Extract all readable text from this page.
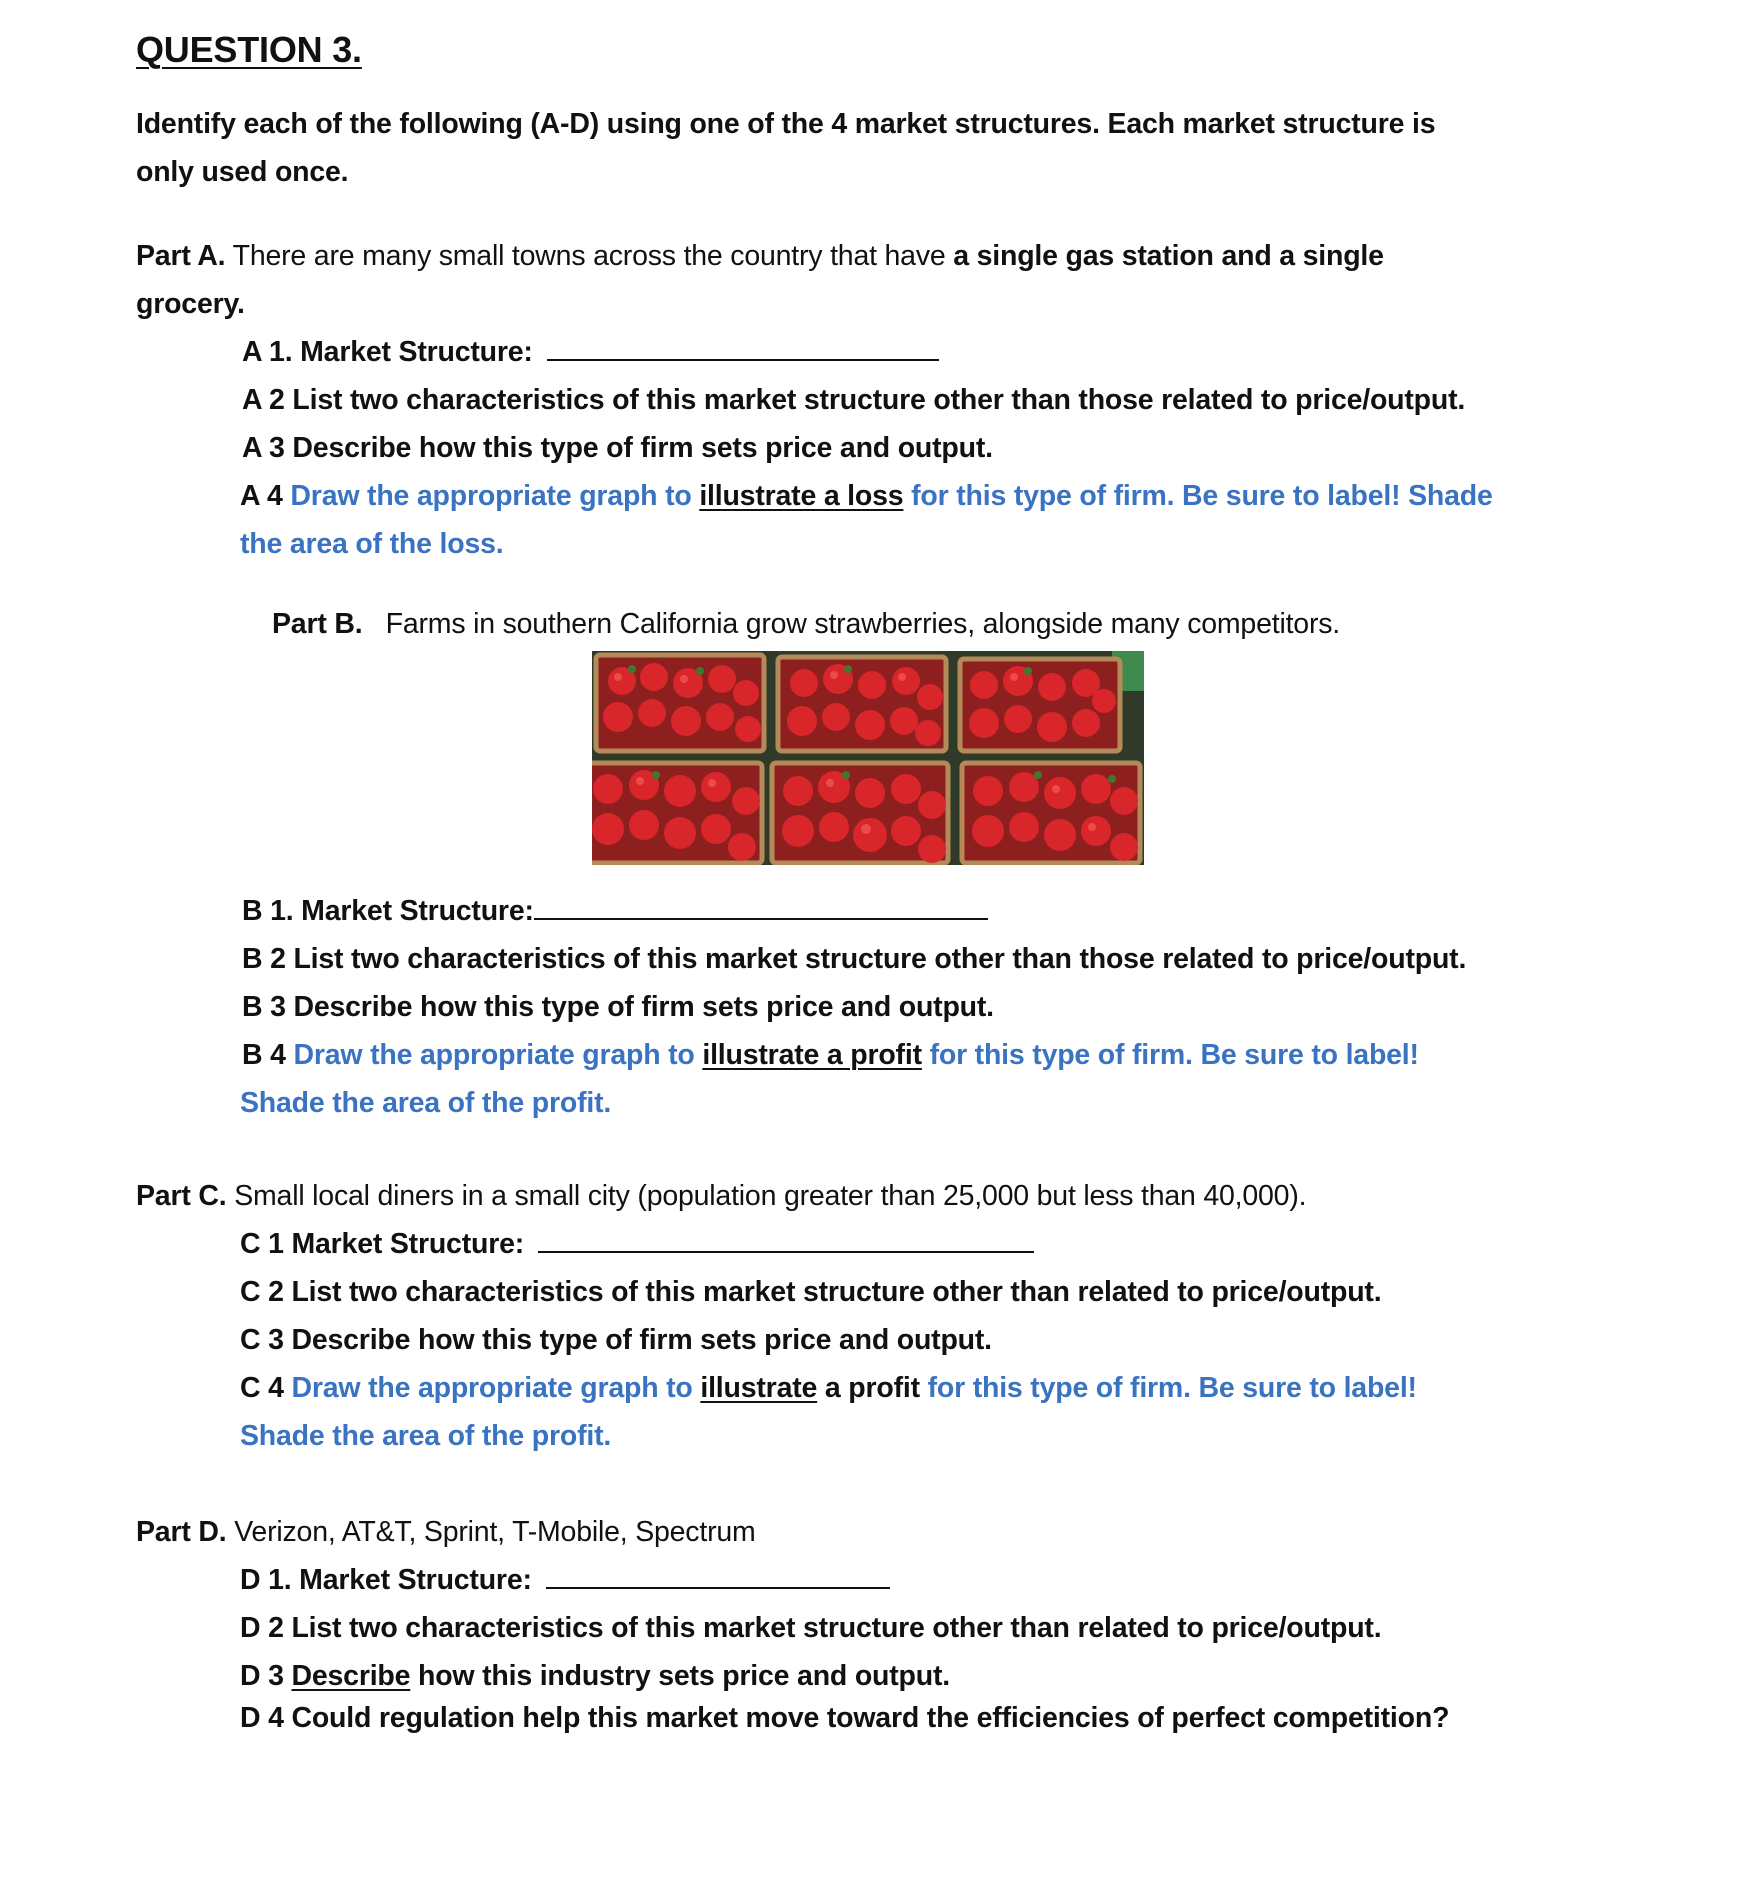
QUESTION 3.
Identify each of the following (A-D) using one of the 4 market structures. Each market structure is
only used once.
Part A. There are many small towns across the country that have a single gas station and a single
grocery.
A 1. Market Structure:
A 2 List two characteristics of this market structure other than those related to price/output.
A 3 Describe how this type of firm sets price and output.
A 4 Draw the appropriate graph to illustrate a loss for this type of firm. Be sure to label! Shade
the area of the loss.
Part B. Farms in southern California grow strawberries, alongside many competitors.
B 1. Market Structure:
B 2 List two characteristics of this market structure other than those related to price/output.
B 3 Describe how this type of firm sets price and output.
B 4 Draw the appropriate graph to illustrate a profit for this type of firm. Be sure to label!
Shade the area of the profit.
Part C. Small local diners in a small city (population greater than 25,000 but less than 40,000).
C 1 Market Structure:
C 2 List two characteristics of this market structure other than related to price/output.
C 3 Describe how this type of firm sets price and output.
C 4 Draw the appropriate graph to illustrate a profit for this type of firm. Be sure to label!
Shade the area of the profit.
Part D. Verizon, AT&T, Sprint, T-Mobile, Spectrum
D 1. Market Structure:
D 2 List two characteristics of this market structure other than related to price/output.
D 3 Describe how this industry sets price and output.
D 4 Could regulation help this market move toward the efficiencies of perfect competition?
